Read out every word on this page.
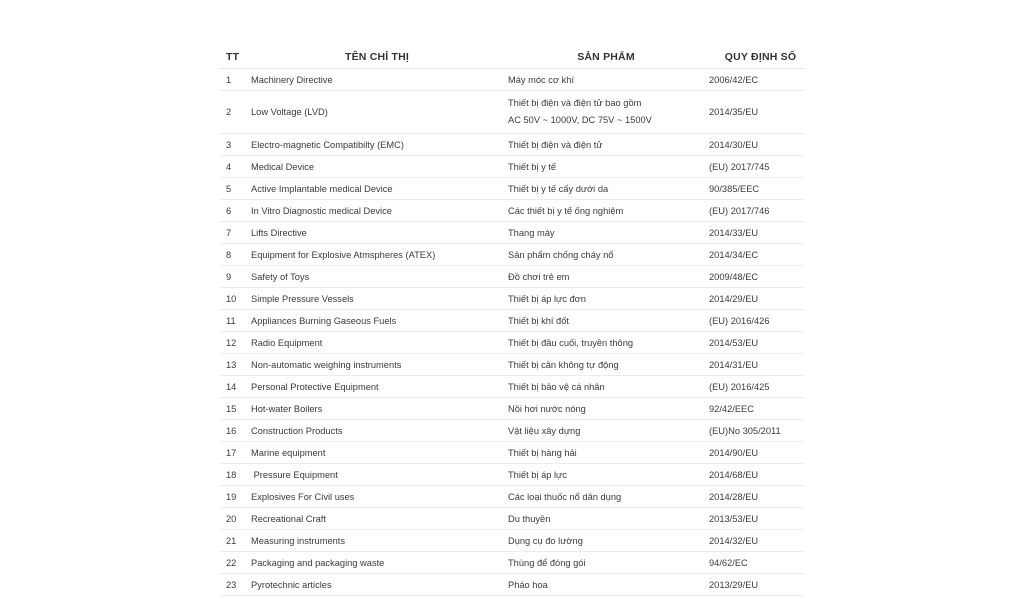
TT	TÊN CHỈ THỊ	SẢN PHẨM	QUY ĐỊNH SỐ
1	Machinery Directive	Máy móc cơ khí	2006/42/EC
2	Low Voltage (LVD)	Thiết bị điện và điện tử bao gồm
AC 50V ~ 1000V, DC 75V ~ 1500V	2014/35/EU
3	Electro-magnetic Compatibilty (EMC)	Thiết bị điện và điện tử	2014/30/EU
4	Medical Device	Thiết bị y tế	(EU) 2017/745
5	Active Implantable medical Device	Thiết bị y tế cấy dưới da	90/385/EEC
6	In Vitro Diagnostic medical Device	Các thiết bị y tế ống nghiệm	(EU) 2017/746
7	Lifts Directive	Thang máy	2014/33/EU
8	Equipment for Explosive Atmspheres (ATEX)	Sản phẩm chống cháy nổ	2014/34/EC
9	Safety of Toys	Đồ chơi trẻ em	2009/48/EC
10	Simple Pressure Vessels	Thiết bị áp lực đơn	2014/29/EU
11	Appliances Burning Gaseous Fuels	Thiết bị khí đốt	(EU) 2016/426
12	Radio Equipment	Thiết bị đầu cuối, truyền thông	2014/53/EU
13	Non-automatic weighing instruments	Thiết bị cân không tự động	2014/31/EU
14	Personal Protective Equipment	Thiết bị bảo vệ cá nhân	(EU) 2016/425
15	Hot-water Boilers	Nồi hơi nước nóng	92/42/EEC
16	Construction Products	Vật liệu xây dựng	(EU)No 305/2011
17	Marine equipment	Thiết bị hàng hải	2014/90/EU
18	Pressure Equipment	Thiết bị áp lực	2014/68/EU
19	Explosives For Civil uses	Các loại thuốc nổ dân dụng	2014/28/EU
20	Recreational Craft	Du thuyền	2013/53/EU
21	Measuring instruments	Dụng cụ đo lường	2014/32/EU
22	Packaging and packaging waste	Thùng để đóng gói	94/62/EC
23	Pyrotechnic articles	Pháo hoa	2013/29/EU
